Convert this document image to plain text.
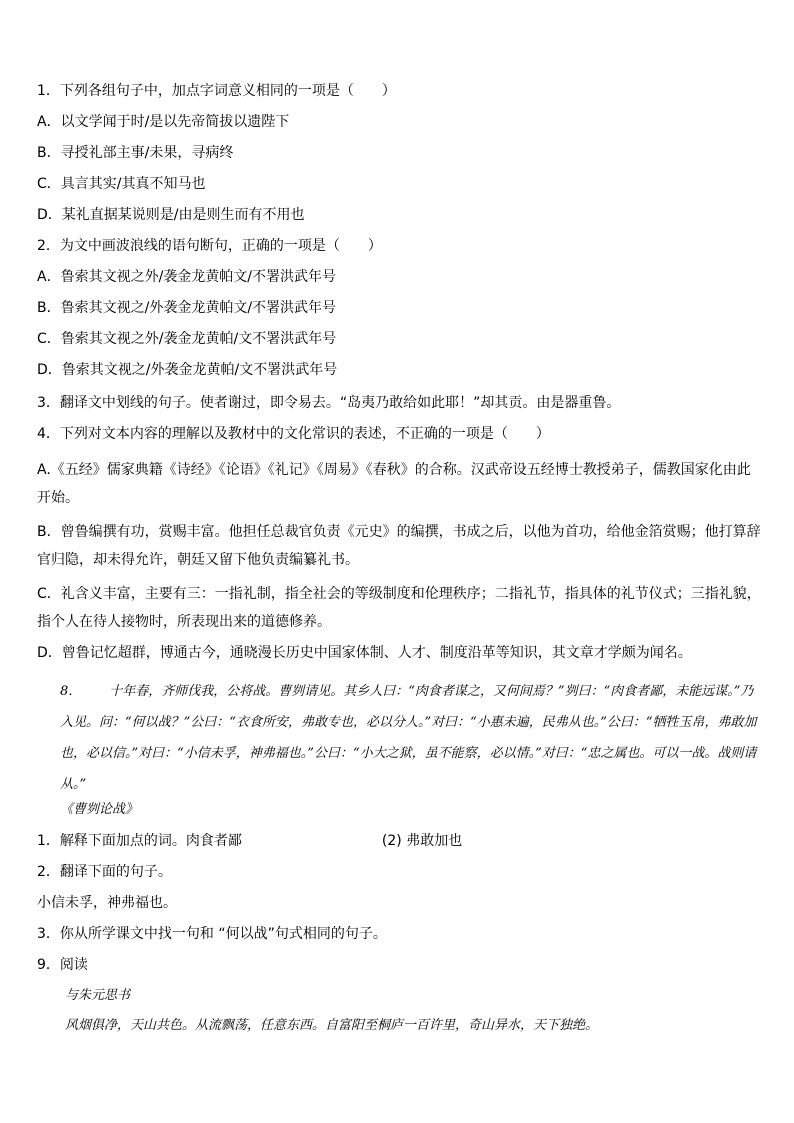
1．下列各组句子中，加点字词意义相同的一项是（　　）
A．以文学闻于时/是以先帝简拔以遗陛下
B．寻授礼部主事/未果，寻病终
C．具言其实/其真不知马也
D．某礼直据某说则是/由是则生而有不用也
2．为文中画波浪线的语句断句，正确的一项是（　　）
A．鲁索其文视之外/袭金龙黄帕文/不署洪武年号
B．鲁索其文视之/外袭金龙黄帕文/不署洪武年号
C．鲁索其文视之外/袭金龙黄帕/文不署洪武年号
D．鲁索其文视之/外袭金龙黄帕/文不署洪武年号
3．翻译文中划线的句子。使者谢过，即令易去。“岛夷乃敢给如此耶！”却其贡。由是器重鲁。
4．下列对文本内容的理解以及教材中的文化常识的表述，不正确的一项是（　　）
A.《五经》儒家典籍《诗经》《论语》《礼记》《周易》《春秋》的合称。汉武帝设五经博士教授弟子，儒教国家化由此开始。
B．曾鲁编撰有功，赏赐丰富。他担任总裁官负责《元史》的编撰，书成之后，以他为首功，给他金箔赏赐；他打算辞官归隐，却未得允许，朝廷又留下他负责编纂礼书。
C．礼含义丰富，主要有三：一指礼制，指全社会的等级制度和伦理秩序；二指礼节，指具体的礼节仪式；三指礼貌，指个人在待人接物时，所表现出来的道德修养。
D．曾鲁记忆超群，博通古今，通晓漫长历史中国家体制、人才、制度沿革等知识，其文章才学颇为闻名。
8． 十年春，齐师伐我，公将战。曹刿请见。其乡人曰：“肉食者谋之，又何间焉？”刿曰：“肉食者鄙，未能远谋。”乃入见。问：“何以战？”公曰：“衣食所安，弗敢专也，必以分人。”对曰：“小惠未遍，民弗从也。”公曰：“牺牲玉帛，弗敢加也，必以信。”对曰：“小信未孚，神弗福也。”公曰：“小大之狱，虽不能察，必以情。”对曰：“忠之属也。可以一战。战则请从。”
《曹刿论战》
1．解释下面加点的词。肉食者鄙	(2) 弗敢加也
2．翻译下面的句子。
小信未孚，神弗福也。
3．你从所学课文中找一句和 “何以战”句式相同的句子。
9．阅读
与朱元思书
风烟俱净，天山共色。从流飘荡，任意东西。自富阳至桐庐一百许里，奇山异水，天下独绝。
